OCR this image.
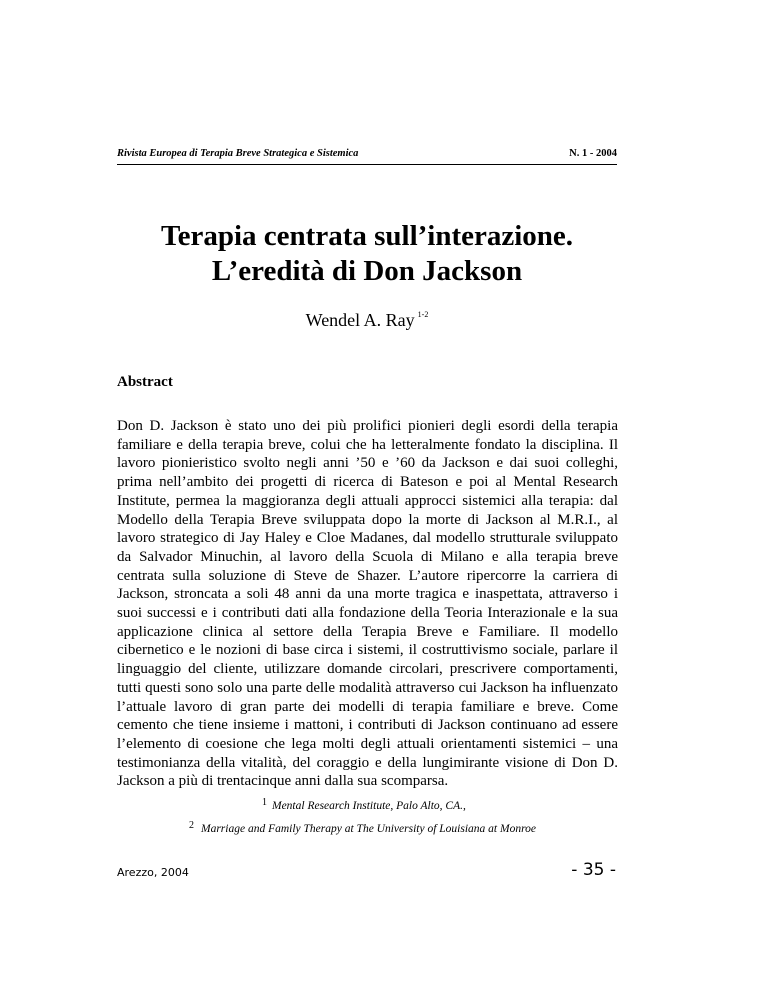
Rivista Europea di Terapia Breve Strategica e Sistemica	N. 1 - 2004
Terapia centrata sull’interazione.
L’eredità di Don Jackson
Wendel A. Ray $^{1-2}$
Abstract
Don D. Jackson è stato uno dei più prolifici pionieri degli esordi della terapia familiare e della terapia breve, colui che ha letteralmente fondato la disciplina. Il lavoro pionieristico svolto negli anni ’50 e ’60 da Jackson e dai suoi colleghi, prima nell’ambito dei progetti di ricerca di Bateson e poi al Mental Research Institute, permea la maggioranza degli attuali approcci sistemici alla terapia: dal Modello della Terapia Breve sviluppata dopo la morte di Jackson al M.R.I., al lavoro strategico di Jay Haley e Cloe Madanes, dal modello strutturale sviluppato da Salvador Minuchin, al lavoro della Scuola di Milano e alla terapia breve centrata sulla soluzione di Steve de Shazer. L’autore ripercorre la carriera di Jackson, stroncata a soli 48 anni da una morte tragica e inaspettata, attraverso i suoi successi e i contributi dati alla fondazione della Teoria Interazionale e la sua applicazione clinica al settore della Terapia Breve e Familiare. Il modello cibernetico e le nozioni di base circa i sistemi, il costruttivismo sociale, parlare il linguaggio del cliente, utilizzare domande circolari, prescrivere comportamenti, tutti questi sono solo una parte delle modalità attraverso cui Jackson ha influenzato l’attuale lavoro di gran parte dei modelli di terapia familiare e breve. Come cemento che tiene insieme i mattoni, i contributi di Jackson continuano ad essere l’elemento di coesione che lega molti degli attuali orientamenti sistemici – una testimonianza della vitalità, del coraggio e della lungimirante visione di Don D. Jackson a più di trentacinque anni dalla sua scomparsa.
1 Mental Research Institute, Palo Alto, CA.,
2 Marriage and Family Therapy at The University of Louisiana at Monroe
Arezzo, 2004	- 35 -
